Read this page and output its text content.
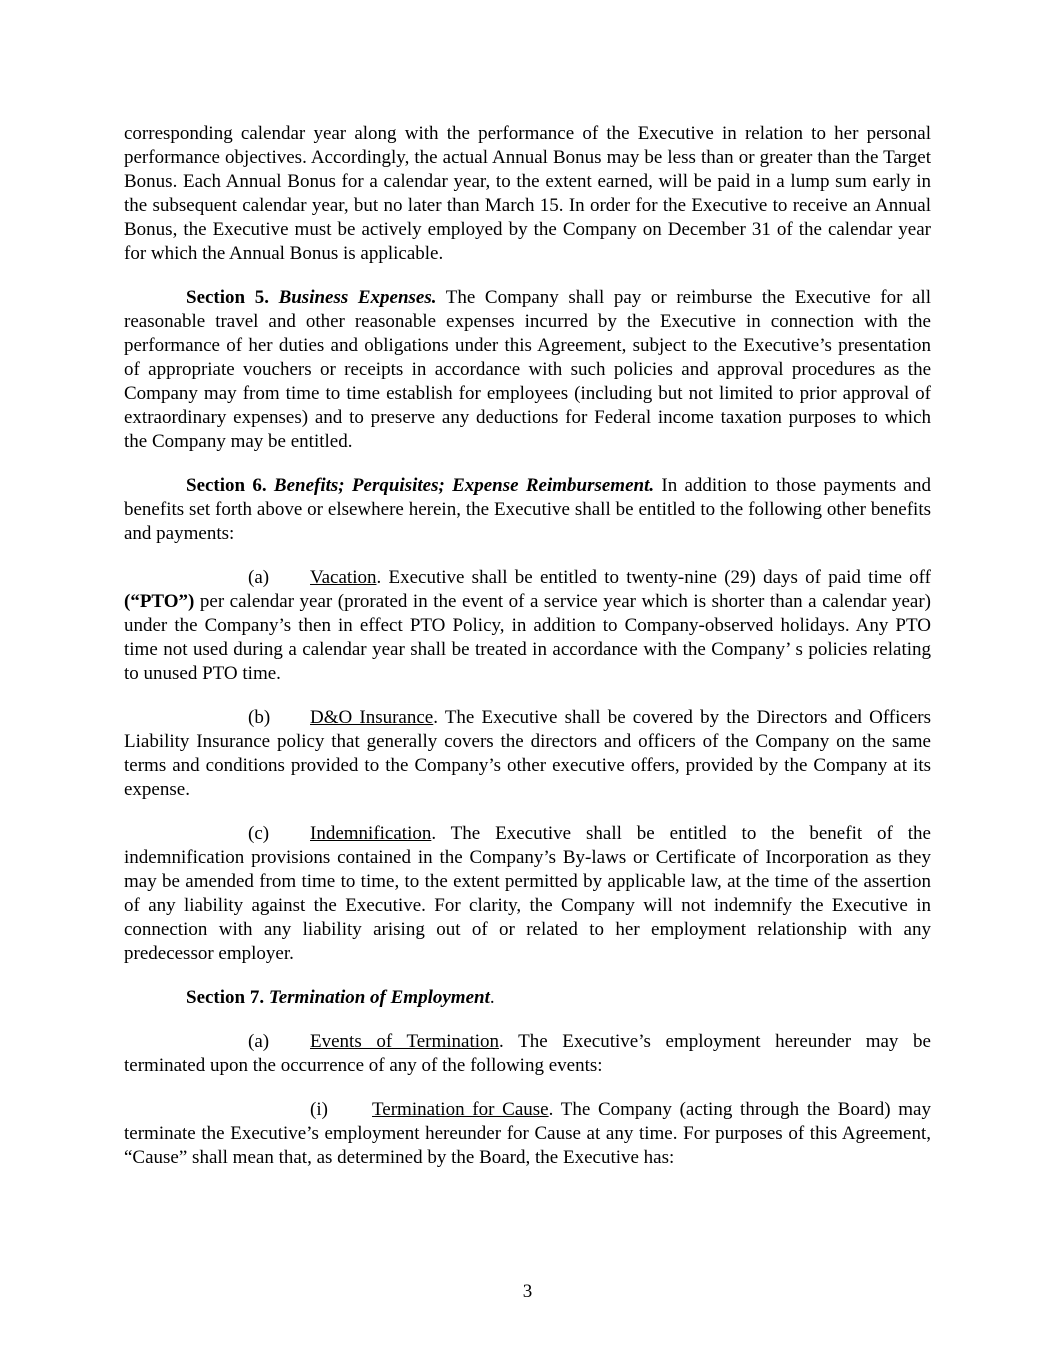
corresponding calendar year along with the performance of the Executive in relation to her personal performance objectives. Accordingly, the actual Annual Bonus may be less than or greater than the Target Bonus. Each Annual Bonus for a calendar year, to the extent earned, will be paid in a lump sum early in the subsequent calendar year, but no later than March 15. In order for the Executive to receive an Annual Bonus, the Executive must be actively employed by the Company on December 31 of the calendar year for which the Annual Bonus is applicable.

Section 5. Business Expenses. The Company shall pay or reimburse the Executive for all reasonable travel and other reasonable expenses incurred by the Executive in connection with the performance of her duties and obligations under this Agreement, subject to the Executive’s presentation of appropriate vouchers or receipts in accordance with such policies and approval procedures as the Company may from time to time establish for employees (including but not limited to prior approval of extraordinary expenses) and to preserve any deductions for Federal income taxation purposes to which the Company may be entitled.

Section 6. Benefits; Perquisites; Expense Reimbursement. In addition to those payments and benefits set forth above or elsewhere herein, the Executive shall be entitled to the following other benefits and payments:

(a) Vacation. Executive shall be entitled to twenty-nine (29) days of paid time off (“PTO”) per calendar year (prorated in the event of a service year which is shorter than a calendar year) under the Company’s then in effect PTO Policy, in addition to Company-observed holidays. Any PTO time not used during a calendar year shall be treated in accordance with the Company’ s policies relating to unused PTO time.

(b) D&O Insurance. The Executive shall be covered by the Directors and Officers Liability Insurance policy that generally covers the directors and officers of the Company on the same terms and conditions provided to the Company’s other executive offers, provided by the Company at its expense.

(c) Indemnification. The Executive shall be entitled to the benefit of the indemnification provisions contained in the Company’s By-laws or Certificate of Incorporation as they may be amended from time to time, to the extent permitted by applicable law, at the time of the assertion of any liability against the Executive. For clarity, the Company will not indemnify the Executive in connection with any liability arising out of or related to her employment relationship with any predecessor employer.

Section 7. Termination of Employment.

(a) Events of Termination. The Executive’s employment hereunder may be terminated upon the occurrence of any of the following events:

(i) Termination for Cause. The Company (acting through the Board) may terminate the Executive’s employment hereunder for Cause at any time. For purposes of this Agreement, “Cause” shall mean that, as determined by the Board, the Executive has:

3
